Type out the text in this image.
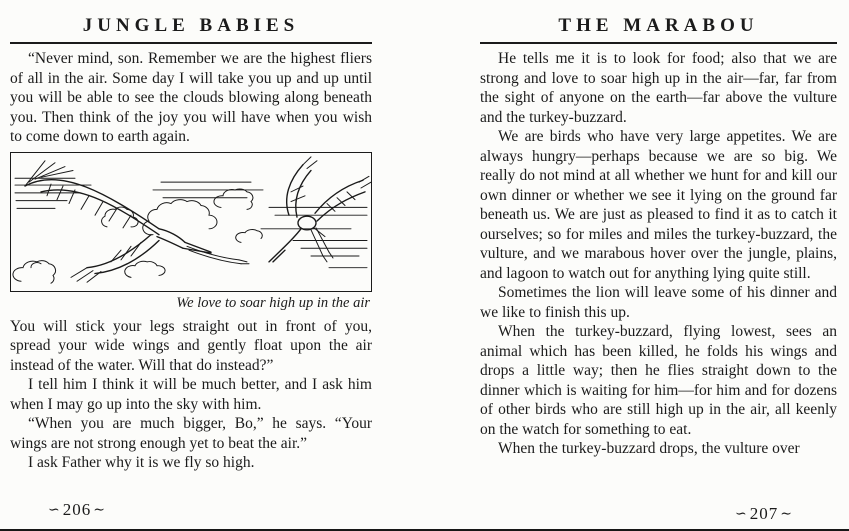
JUNGLE BABIES

“Never mind, son. Remember we are the highest fliers of all in the air. Some day I will take you up and up until you will be able to see the clouds blowing along beneath you. Then think of the joy you will have when you wish to come down to earth again.

We love to soar high up in the air

You will stick your legs straight out in front of you, spread your wide wings and gently float upon the air instead of the water. Will that do instead?”

I tell him I think it will be much better, and I ask him when I may go up into the sky with him.

“When you are much bigger, Bo,” he says. “Your wings are not strong enough yet to beat the air.”

I ask Father why it is we fly so high.

∽ 206 ∼
THE MARABOU

He tells me it is to look for food; also that we are strong and love to soar high up in the air—far, far from the sight of anyone on the earth—far above the vulture and the turkey-buzzard.

We are birds who have very large appetites. We are always hungry—perhaps because we are so big. We really do not mind at all whether we hunt for and kill our own dinner or whether we see it lying on the ground far beneath us. We are just as pleased to find it as to catch it ourselves; so for miles and miles the turkey-buzzard, the vulture, and we marabous hover over the jungle, plains, and lagoon to watch out for anything lying quite still.

Sometimes the lion will leave some of his dinner and we like to finish this up.

When the turkey-buzzard, flying lowest, sees an animal which has been killed, he folds his wings and drops a little way; then he flies straight down to the dinner which is waiting for him—for him and for dozens of other birds who are still high up in the air, all keenly on the watch for something to eat.

When the turkey-buzzard drops, the vulture over

∽ 207 ∼
